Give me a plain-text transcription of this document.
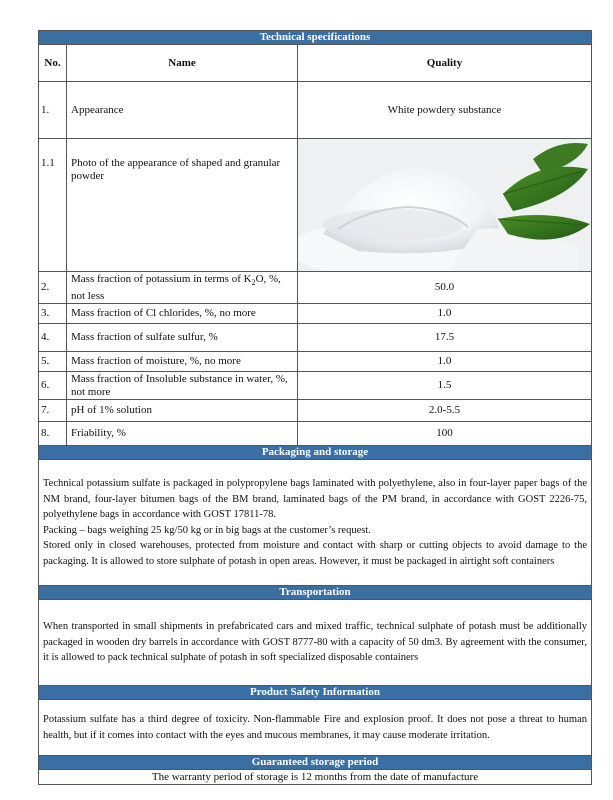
Technical specifications		
No.	Name	Quality
1.	Appearance	White powdery substance
1.1	Photo of the appearance of shaped and granular powder	

2.	Mass fraction of potassium in terms of $K_2O$, %, not less	50.0
3.	Mass fraction of Cl chlorides, %, no more	1.0
4.	Mass fraction of sulfate sulfur, %	17.5
5.	Mass fraction of moisture, %, no more	1.0
6.	Mass fraction of Insoluble substance in water, %, not more	1.5
7.	pH of 1% solution	2.0-5.5
8.	Friability, %	100
Packaging and storage		

Technical potassium sulfate is packaged in polypropylene bags laminated with polyethylene, also in four-layer paper bags of the NM brand, four-layer bitumen bags of the BM brand, laminated bags of the PM brand, in accordance with GOST 2226-75, polyethylene bags in accordance with GOST 17811-78.
Packing – bags weighing 25 kg/50 kg or in big bags at the customer’s request.
Stored only in closed warehouses, protected from moisture and contact with sharp or cutting objects to avoid damage to the packaging. It is allowed to store sulphate of potash in open areas. However, it must be packaged in airtight soft containers		

Transportation		
When transported in small shipments in prefabricated cars and mixed traffic, technical sulphate of potash must be additionally packaged in wooden dry barrels in accordance with GOST 8777-80 with a capacity of 50 dm3. By agreement with the consumer, it is allowed to pack technical sulphate of potash in soft specialized disposable containers		
Product Safety Information		
Potassium sulfate has a third degree of toxicity. Non-flammable Fire and explosion proof. It does not pose a threat to human health, but if it comes into contact with the eyes and mucous membranes, it may cause moderate irritation.		
Guaranteed storage period		
The warranty period of storage is 12 months from the date of manufacture		
